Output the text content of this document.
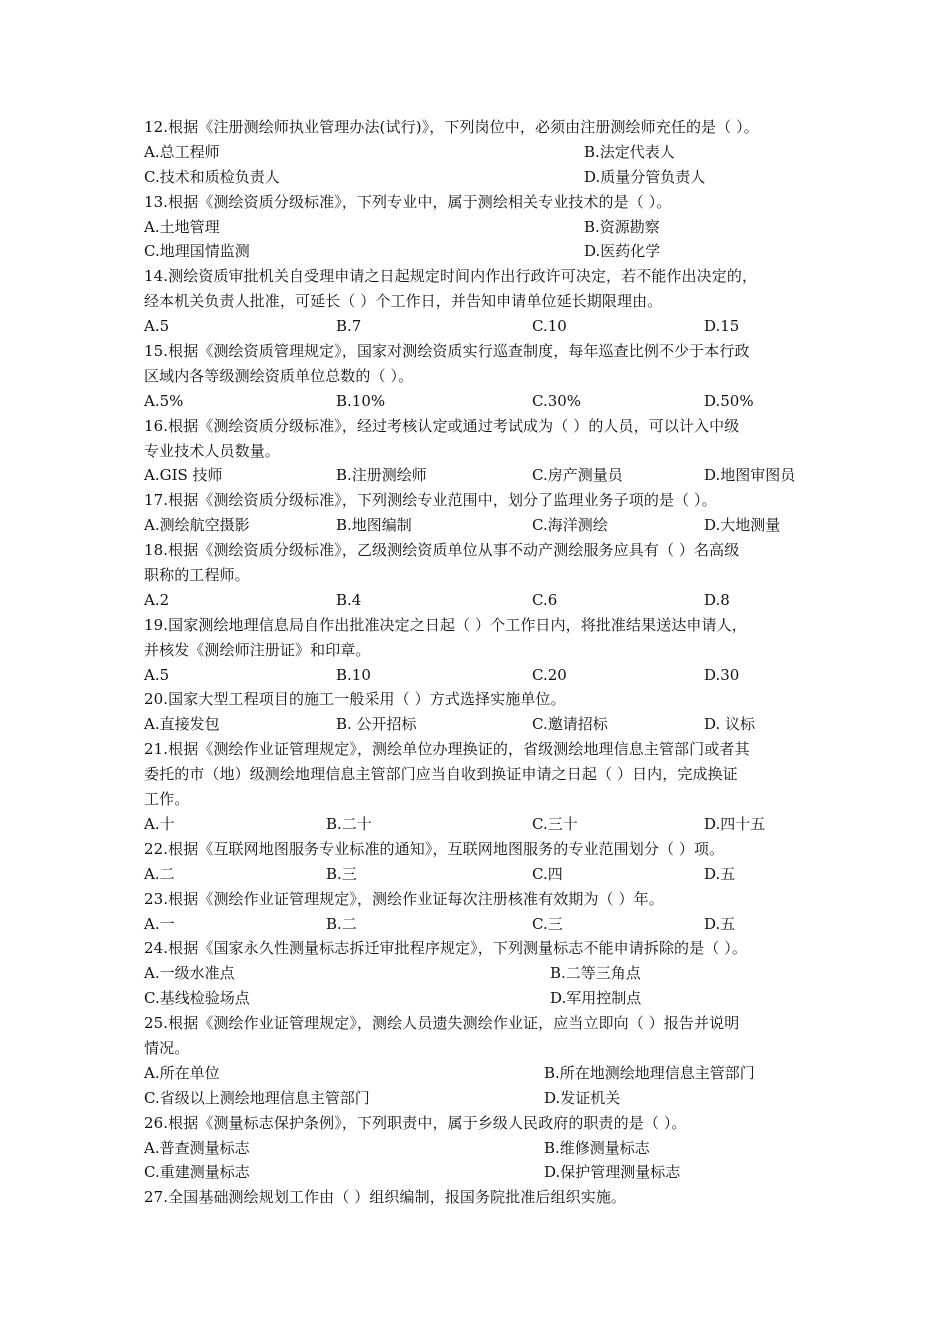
12.根据《注册测绘师执业管理办法(试行)》，下列岗位中，必须由注册测绘师充任的是（ ）。
A.总工程师	B.法定代表人
C.技术和质检负责人	D.质量分管负责人
13.根据《测绘资质分级标准》，下列专业中，属于测绘相关专业技术的是（ ）。
A.土地管理	B.资源勘察
C.地理国情监测	D.医药化学
14.测绘资质审批机关自受理申请之日起规定时间内作出行政许可决定，若不能作出决定的，
经本机关负责人批准，可延长（ ）个工作日，并告知申请单位延长期限理由。
A.5	B.7	C.10	D.15
15.根据《测绘资质管理规定》，国家对测绘资质实行巡查制度，每年巡查比例不少于本行政
区域内各等级测绘资质单位总数的（ ）。
A.5%	B.10%	C.30%	D.50%
16.根据《测绘资质分级标准》，经过考核认定或通过考试成为（ ）的人员，可以计入中级
专业技术人员数量。
A.GIS 技师	B.注册测绘师	C.房产测量员	D.地图审图员
17.根据《测绘资质分级标准》，下列测绘专业范围中，划分了监理业务子项的是（ ）。
A.测绘航空摄影	B.地图编制	C.海洋测绘	D.大地测量
18.根据《测绘资质分级标准》，乙级测绘资质单位从事不动产测绘服务应具有（ ）名高级
职称的工程师。
A.2	B.4	C.6	D.8
19.国家测绘地理信息局自作出批准决定之日起（ ）个工作日内，将批准结果送达申请人，
并核发《测绘师注册证》和印章。
A.5	B.10	C.20	D.30
20.国家大型工程项目的施工一般采用（ ）方式选择实施单位。
A.直接发包	B. 公开招标	C.邀请招标	D. 议标
21.根据《测绘作业证管理规定》，测绘单位办理换证的，省级测绘地理信息主管部门或者其
委托的市（地）级测绘地理信息主管部门应当自收到换证申请之日起（ ）日内，完成换证
工作。
A.十	B.二十	C.三十	D.四十五
22.根据《互联网地图服务专业标准的通知》，互联网地图服务的专业范围划分（ ）项。
A.二	B.三	C.四	D.五
23.根据《测绘作业证管理规定》，测绘作业证每次注册核准有效期为（ ）年。
A.一	B.二	C.三	D.五
24.根据《国家永久性测量标志拆迁审批程序规定》，下列测量标志不能申请拆除的是（ ）。
A.一级水准点	B.二等三角点
C.基线检验场点	D.军用控制点
25.根据《测绘作业证管理规定》，测绘人员遗失测绘作业证，应当立即向（ ）报告并说明
情况。
A.所在单位	B.所在地测绘地理信息主管部门
C.省级以上测绘地理信息主管部门	D.发证机关
26.根据《测量标志保护条例》，下列职责中，属于乡级人民政府的职责的是（ ）。
A.普查测量标志	B.维修测量标志
C.重建测量标志	D.保护管理测量标志
27.全国基础测绘规划工作由（ ）组织编制，报国务院批准后组织实施。
